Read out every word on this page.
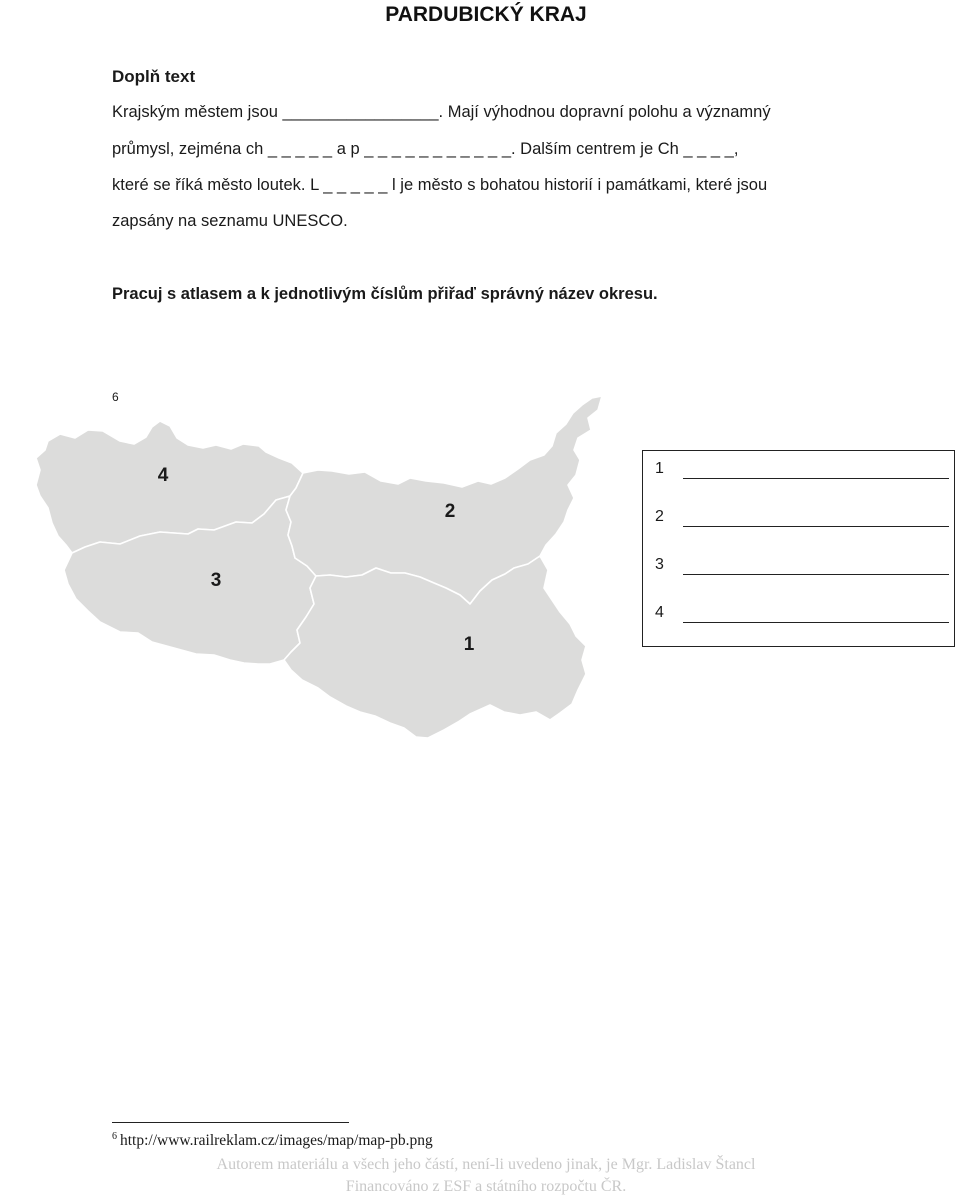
PARDUBICKÝ KRAJ
Doplň text
Krajským městem jsou _________________. Mají výhodnou dopravní polohu a významný
průmysl, zejména ch _ _ _ _ _ a p _ _ _ _ _ _ _ _ _ _ _. Dalším centrem je Ch _ _ _ _,
které se říká město loutek. L _ _ _ _ _ l je město s bohatou historií i památkami, které jsou
zapsány na seznamu UNESCO.
Pracuj s atlasem a k jednotlivým číslům přiřaď správný název okresu.
6
4
2
3
1
1
2
3
4
$^6$ http://www.railreklam.cz/images/map/map-pb.png
Autorem materiálu a všech jeho částí, není-li uvedeno jinak, je Mgr. Ladislav Štancl
Financováno z ESF a státního rozpočtu ČR.
